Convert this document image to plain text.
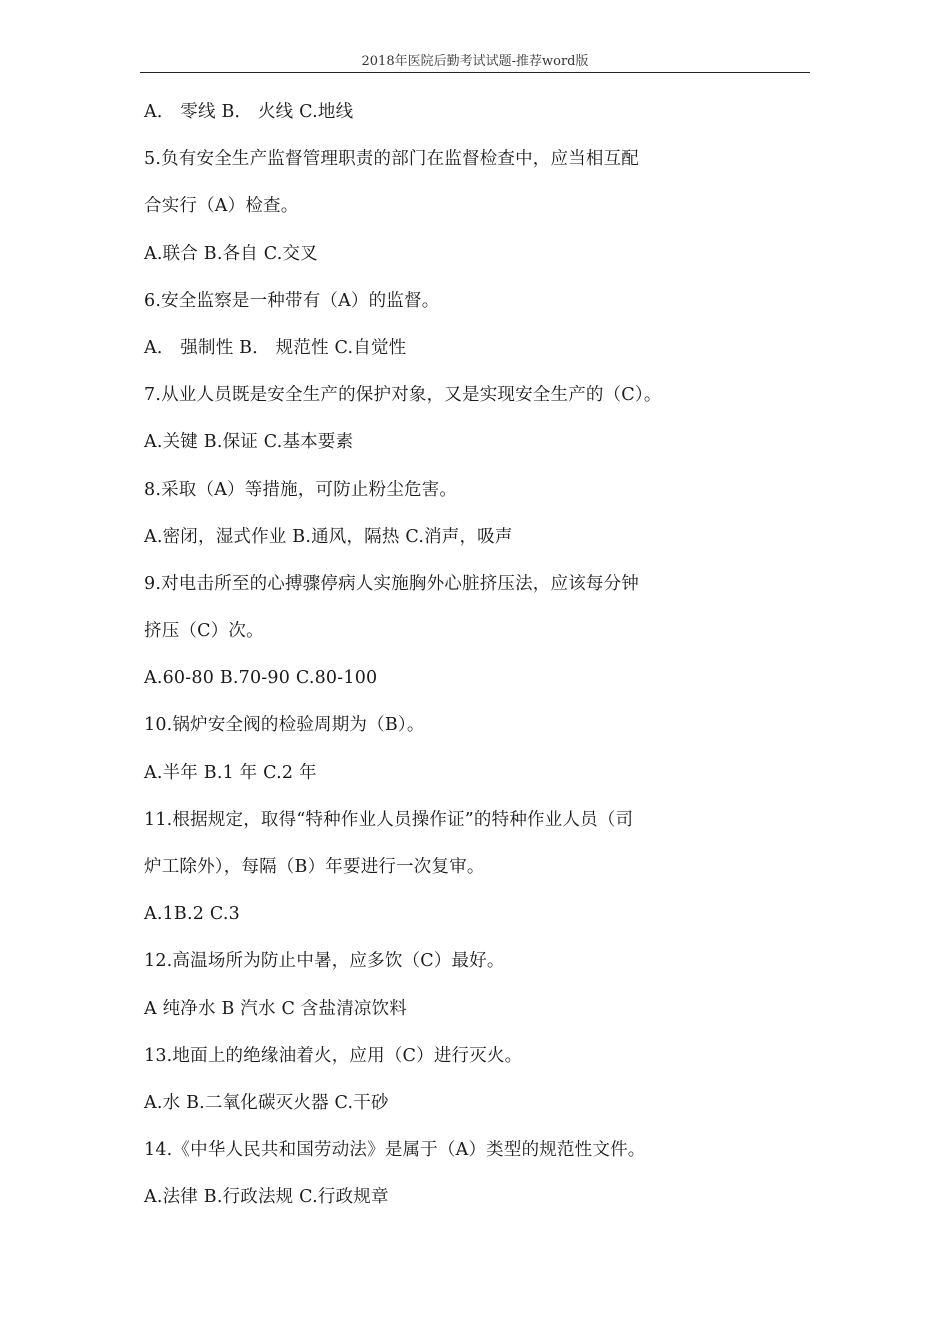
2018年医院后勤考试试题-推荐word版
A． 零线 B． 火线 C.地线
5.负有安全生产监督管理职责的部门在监督检查中，应当相互配
合实行（A）检查。
A.联合 B.各自 C.交叉
6.安全监察是一种带有（A）的监督。
A． 强制性 B． 规范性 C.自觉性
7.从业人员既是安全生产的保护对象，又是实现安全生产的（C）。
A.关键 B.保证 C.基本要素
8.采取（A）等措施，可防止粉尘危害。
A.密闭，湿式作业 B.通风，隔热 C.消声，吸声
9.对电击所至的心搏骤停病人实施胸外心脏挤压法，应该每分钟
挤压（C）次。
A.60-80 B.70-90 C.80-100
10.锅炉安全阀的检验周期为（B）。
A.半年 B.1 年 C.2 年
11.根据规定，取得“特种作业人员操作证”的特种作业人员（司
炉工除外），每隔（B）年要进行一次复审。
A.1B.2 C.3
12.高温场所为防止中暑，应多饮（C）最好。
A 纯净水 B 汽水 C 含盐清凉饮料
13.地面上的绝缘油着火，应用（C）进行灭火。
A.水 B.二氧化碳灭火器 C.干砂
14.《中华人民共和国劳动法》是属于（A）类型的规范性文件。
A.法律 B.行政法规 C.行政规章
